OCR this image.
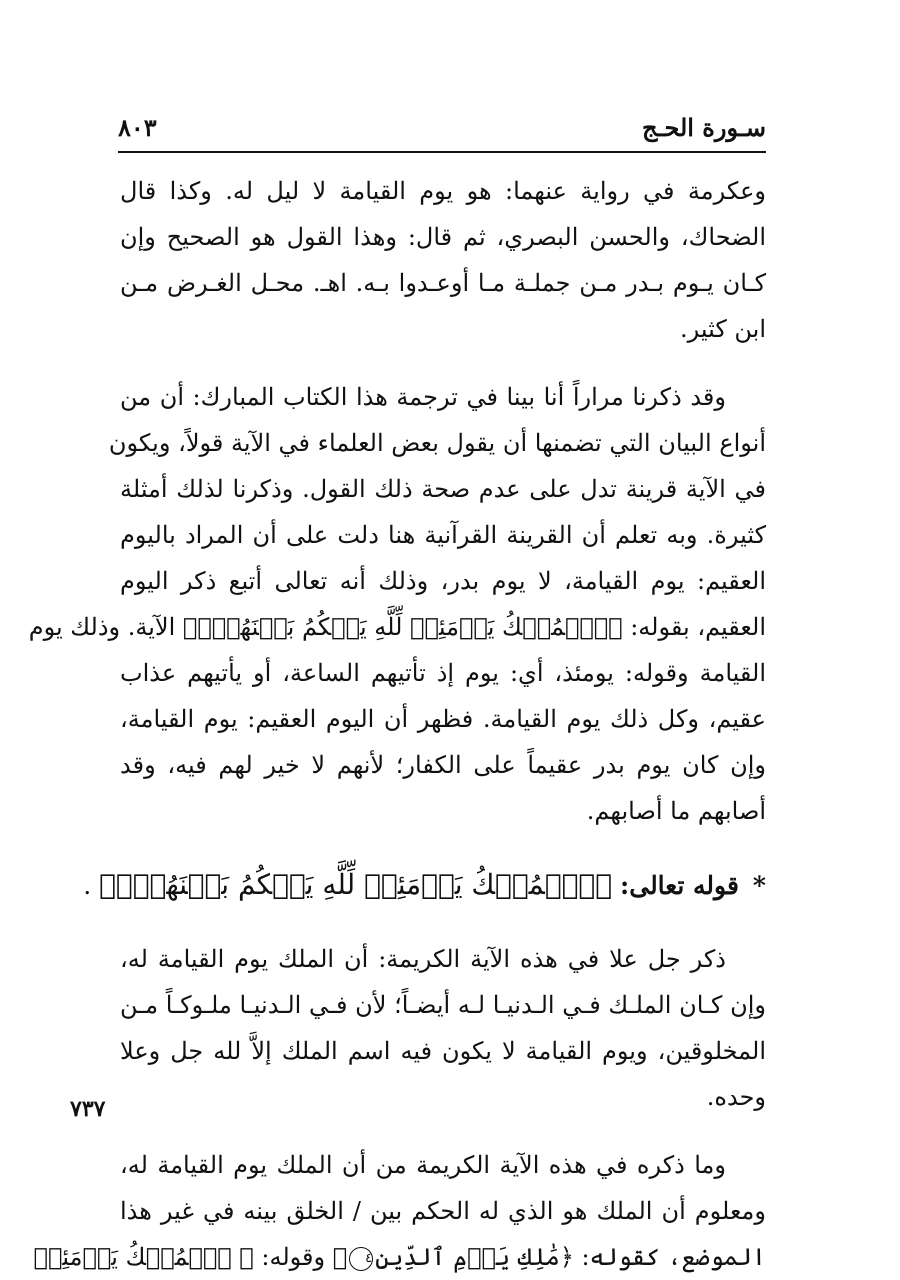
سـورة الحـج
٨٠٣
٧٣٧
وعكرمة في رواية عنهما: هو يوم القيامة لا ليل له. وكذا قال
الضحاك، والحسن البصري، ثم قال: وهذا القول هو الصحيح وإن
كـان يـوم بـدر مـن جملـة مـا أوعـدوا بـه. اهـ. محـل الغـرض مـن
ابن كثير.
وقد ذكرنا مراراً أنا بينا في ترجمة هذا الكتاب المبارك: أن من
أنواع البيان التي تضمنها أن يقول بعض العلماء في الآية قولاً، ويكون
في الآية قرينة تدل على عدم صحة ذلك القول. وذكرنا لذلك أمثلة
كثيرة. وبه تعلم أن القرينة القرآنية هنا دلت على أن المراد باليوم
العقيم: يوم القيامة، لا يوم بدر، وذلك أنه تعالى أتبع ذكر اليوم
العقيم، بقوله: ﴿ٱلۡمُلۡكُ يَوۡمَئِذٖ لِّلَّهِ يَحۡكُمُ بَيۡنَهُمۡۚ﴾ الآية. وذلك يوم
القيامة وقوله: يومئذ، أي: يوم إذ تأتيهم الساعة، أو يأتيهم عذاب
عقيم، وكل ذلك يوم القيامة. فظهر أن اليوم العقيم: يوم القيامة،
وإن كان يوم بدر عقيماً على الكفار؛ لأنهم لا خير لهم فيه، وقد
أصابهم ما أصابهم.
*قوله تعالى: ﴿ٱلۡمُلۡكُ يَوۡمَئِذٖ لِّلَّهِ يَحۡكُمُ بَيۡنَهُمۡۚ﴾ .
ذكر جل علا في هذه الآية الكريمة: أن الملك يوم القيامة له،
وإن كـان الملـك فـي الـدنيـا لـه أيضـاً؛ لأن فـي الـدنيـا ملـوكـاً مـن
المخلوقين، ويوم القيامة لا يكون فيه اسم الملك إلاَّ لله جل وعلا
وحده.
وما ذكره في هذه الآية الكريمة من أن الملك يوم القيامة له،
ومعلوم أن الملك هو الذي له الحكم بين / الخلق بينه في غير هذا
الموضع، كقوله: ﴿مَٰلِكِ يَوۡمِ ٱلدِّينِ٤﴾ وقوله: ﴿ ٱلۡمُلۡكُ يَوۡمَئِذٖ
